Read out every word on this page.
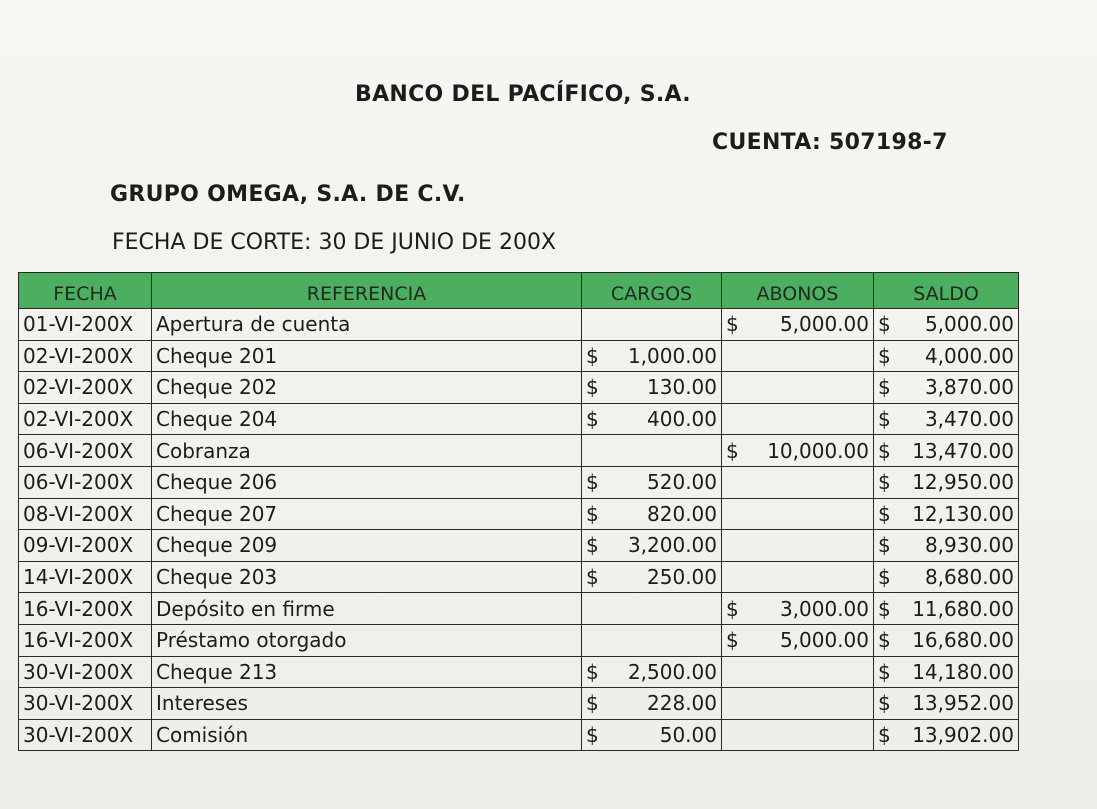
BANCO DEL PACÍFICO, S.A.
CUENTA: 507198-7
GRUPO OMEGA, S.A. DE C.V.
FECHA DE CORTE: 30 DE JUNIO DE 200X
FECHA	REFERENCIA	CARGOS	ABONOS	SALDO
01-VI-200X	Apertura de cuenta		$ 5,000.00	$ 5,000.00

02-VI-200X	Cheque 201	$ 1,000.00		$ 4,000.00

02-VI-200X	Cheque 202	$ 130.00		$ 3,870.00

02-VI-200X	Cheque 204	$ 400.00		$ 3,470.00

06-VI-200X	Cobranza		$ 10,000.00	$ 13,470.00

06-VI-200X	Cheque 206	$ 520.00		$ 12,950.00

08-VI-200X	Cheque 207	$ 820.00		$ 12,130.00

09-VI-200X	Cheque 209	$ 3,200.00		$ 8,930.00

14-VI-200X	Cheque 203	$ 250.00		$ 8,680.00

16-VI-200X	Depósito en firme		$ 3,000.00	$ 11,680.00

16-VI-200X	Préstamo otorgado		$ 5,000.00	$ 16,680.00

30-VI-200X	Cheque 213	$ 2,500.00		$ 14,180.00

30-VI-200X	Intereses	$ 228.00		$ 13,952.00

30-VI-200X	Comisión	$ 50.00		$ 13,902.00
